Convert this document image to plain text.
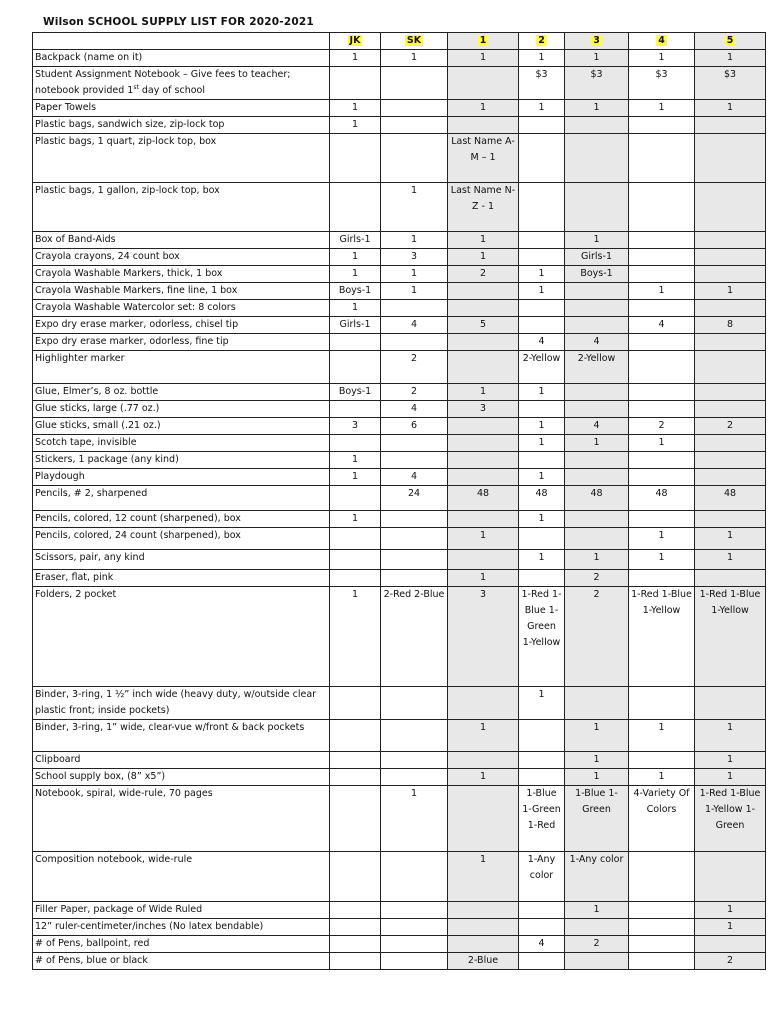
Wilson SCHOOL SUPPLY LIST FOR 2020-2021
	JK	SK	1	2	3	4	5
Backpack (name on it)	1	1	1	1	1	1	1
Student Assignment Notebook – Give fees to teacher; notebook provided 1st day of school				$3	$3	$3	$3
Paper Towels	1		1	1	1	1	1
Plastic bags, sandwich size, zip-lock top	1						
Plastic bags, 1 quart, zip-lock top, box			Last Name A-M – 1				
Plastic bags, 1 gallon, zip-lock top, box		1	Last Name N-Z - 1				
Box of Band-Aids	Girls-1	1	1		1		
Crayola crayons, 24 count box	1	3	1		Girls-1		
Crayola Washable Markers, thick, 1 box	1	1	2	1	Boys-1		
Crayola Washable Markers, fine line, 1 box	Boys-1	1		1		1	1
Crayola Washable Watercolor set: 8 colors	1						
Expo dry erase marker, odorless, chisel tip	Girls-1	4	5			4	8
Expo dry erase marker, odorless, fine tip				4	4		
Highlighter marker		2		2-Yellow	2-Yellow		
Glue, Elmer’s, 8 oz. bottle	Boys-1	2	1	1			
Glue sticks, large (.77 oz.)		4	3				
Glue sticks, small (.21 oz.)	3	6		1	4	2	2
Scotch tape, invisible				1	1	1	
Stickers, 1 package (any kind)	1						
Playdough	1	4		1			
Pencils, # 2, sharpened		24	48	48	48	48	48
Pencils, colored, 12 count (sharpened), box	1			1			
Pencils, colored, 24 count (sharpened), box			1			1	1
Scissors, pair, any kind				1	1	1	1
Eraser, flat, pink			1		2		
Folders, 2 pocket	1	2-Red 2-Blue	3	1-Red 1-Blue 1-Green 1-Yellow	2	1-Red 1-Blue 1-Yellow	1-Red 1-Blue 1-Yellow
Binder, 3-ring, 1 ½” inch wide (heavy duty, w/outside clear plastic front; inside pockets)				1			
Binder, 3-ring, 1” wide, clear-vue w/front & back pockets			1		1	1	1
Clipboard					1		1
School supply box, (8” x5”)			1		1	1	1
Notebook, spiral, wide-rule, 70 pages		1		1-Blue 1-Green 1-Red	1-Blue 1-Green	4-Variety Of Colors	1-Red 1-Blue 1-Yellow 1-Green
Composition notebook, wide-rule			1	1-Any color	1-Any color		
Filler Paper, package of Wide Ruled					1		1
12” ruler-centimeter/inches (No latex bendable)							1
# of Pens, ballpoint, red				4	2		
# of Pens, blue or black			2-Blue				2
